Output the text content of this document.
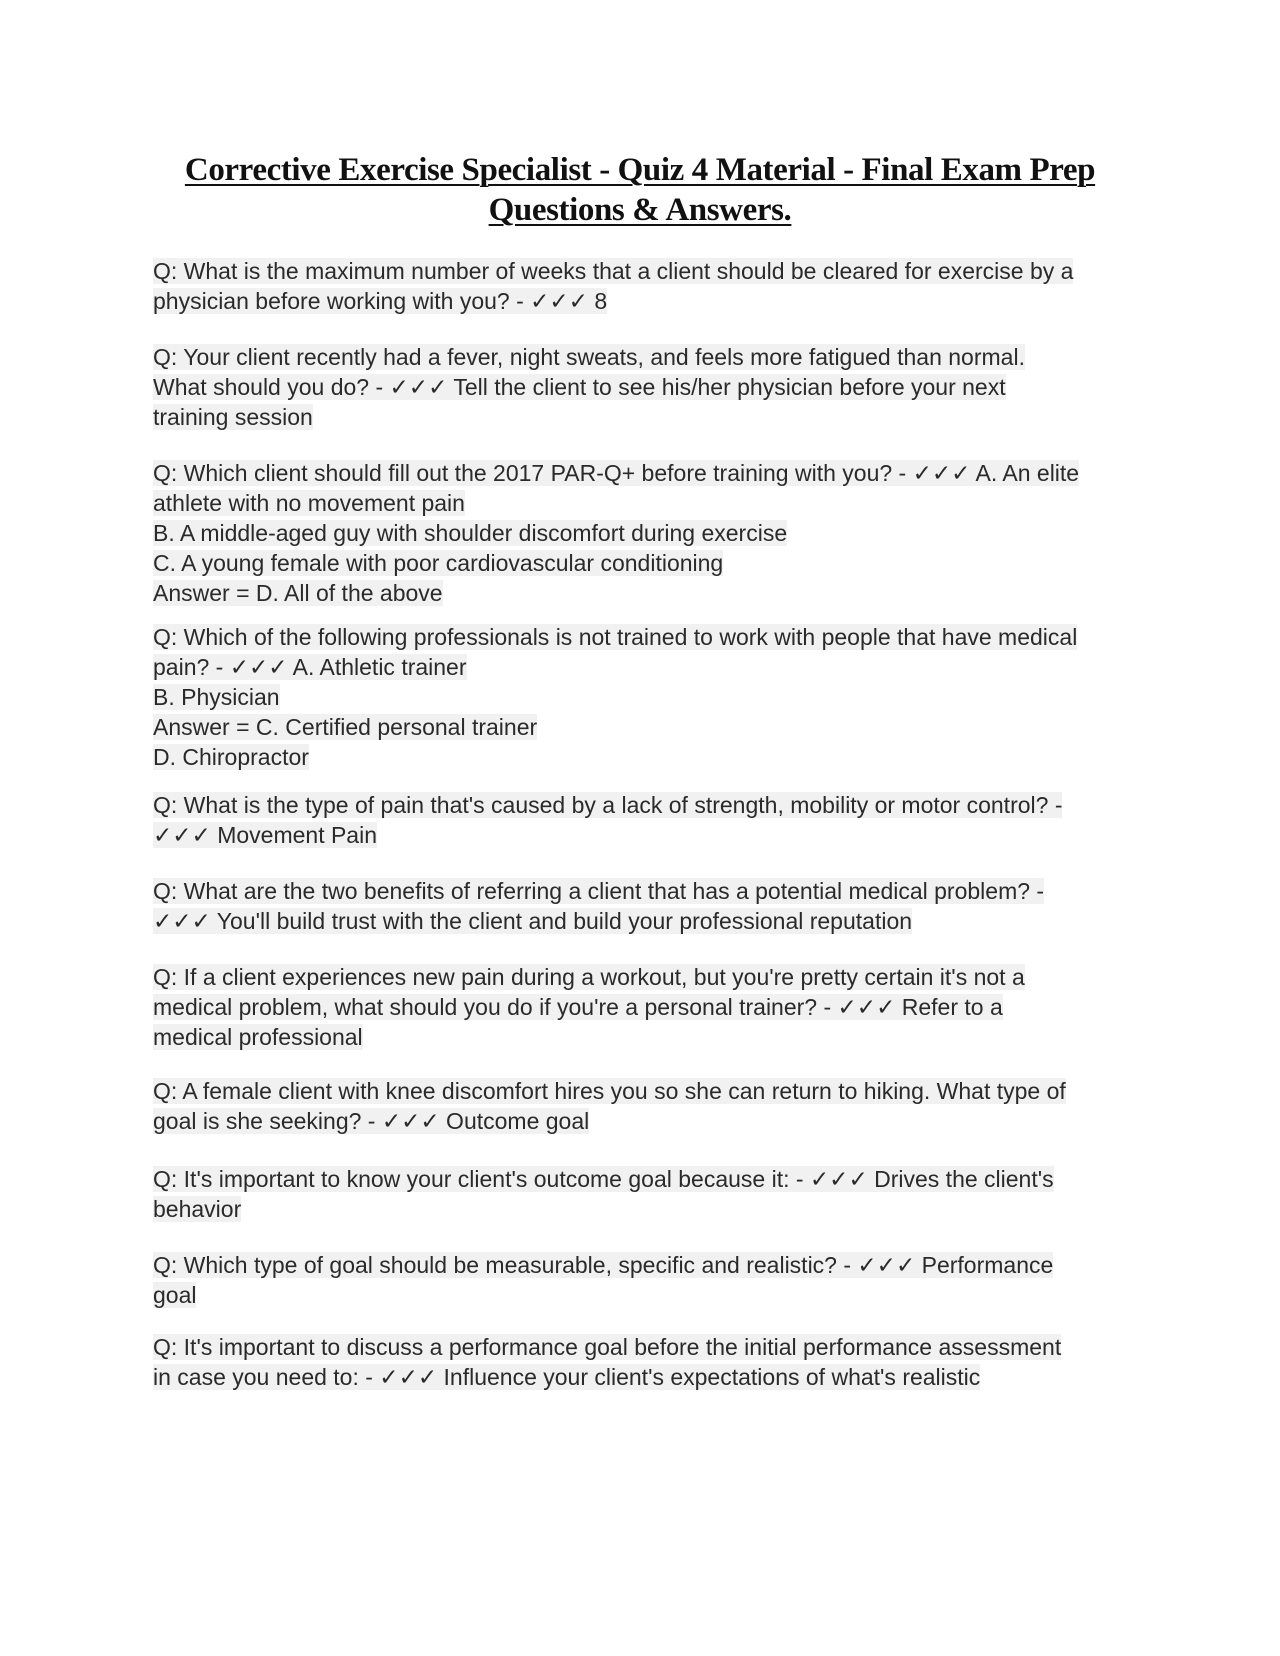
Corrective Exercise Specialist - Quiz 4 Material - Final Exam Prep
Questions & Answers.
Q: What is the maximum number of weeks that a client should be cleared for exercise by a
physician before working with you? - ✓✓✓ 8
Q: Your client recently had a fever, night sweats, and feels more fatigued than normal.
What should you do? - ✓✓✓ Tell the client to see his/her physician before your next
training session
Q: Which client should fill out the 2017 PAR-Q+ before training with you? - ✓✓✓ A. An elite
athlete with no movement pain
B. A middle-aged guy with shoulder discomfort during exercise
C. A young female with poor cardiovascular conditioning
Answer = D. All of the above
Q: Which of the following professionals is not trained to work with people that have medical
pain? - ✓✓✓ A. Athletic trainer
B. Physician
Answer = C. Certified personal trainer
D. Chiropractor
Q: What is the type of pain that's caused by a lack of strength, mobility or motor control? -
✓✓✓ Movement Pain
Q: What are the two benefits of referring a client that has a potential medical problem? -
✓✓✓ You'll build trust with the client and build your professional reputation
Q: If a client experiences new pain during a workout, but you're pretty certain it's not a
medical problem, what should you do if you're a personal trainer? - ✓✓✓ Refer to a
medical professional
Q: A female client with knee discomfort hires you so she can return to hiking. What type of
goal is she seeking? - ✓✓✓ Outcome goal
Q: It's important to know your client's outcome goal because it: - ✓✓✓ Drives the client's
behavior
Q: Which type of goal should be measurable, specific and realistic? - ✓✓✓ Performance
goal
Q: It's important to discuss a performance goal before the initial performance assessment
in case you need to: - ✓✓✓ Influence your client's expectations of what's realistic
